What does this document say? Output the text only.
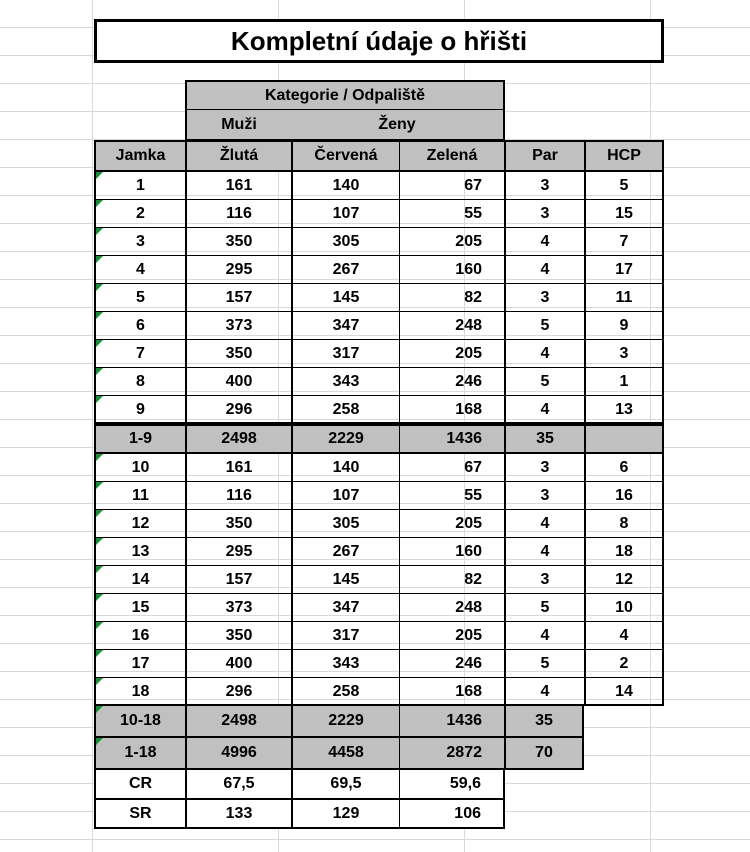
Kompletní údaje o hřišti
Kategorie / Odpaliště
Muži	Ženy
Jamka	Žlutá	Červená	Zelená	Par	HCP
1	161	140	67	3	5
2	116	107	55	3	15
3	350	305	205	4	7
4	295	267	160	4	17
5	157	145	82	3	11
6	373	347	248	5	9
7	350	317	205	4	3
8	400	343	246	5	1
9	296	258	168	4	13
1-9	2498	2229	1436	35
10	161	140	67	3	6
11	116	107	55	3	16
12	350	305	205	4	8
13	295	267	160	4	18
14	157	145	82	3	12
15	373	347	248	5	10
16	350	317	205	4	4
17	400	343	246	5	2
18	296	258	168	4	14
10-18	2498	2229	1436	35
1-18	4996	4458	2872	70
CR	67,5	69,5	59,6
SR	133	129	106
